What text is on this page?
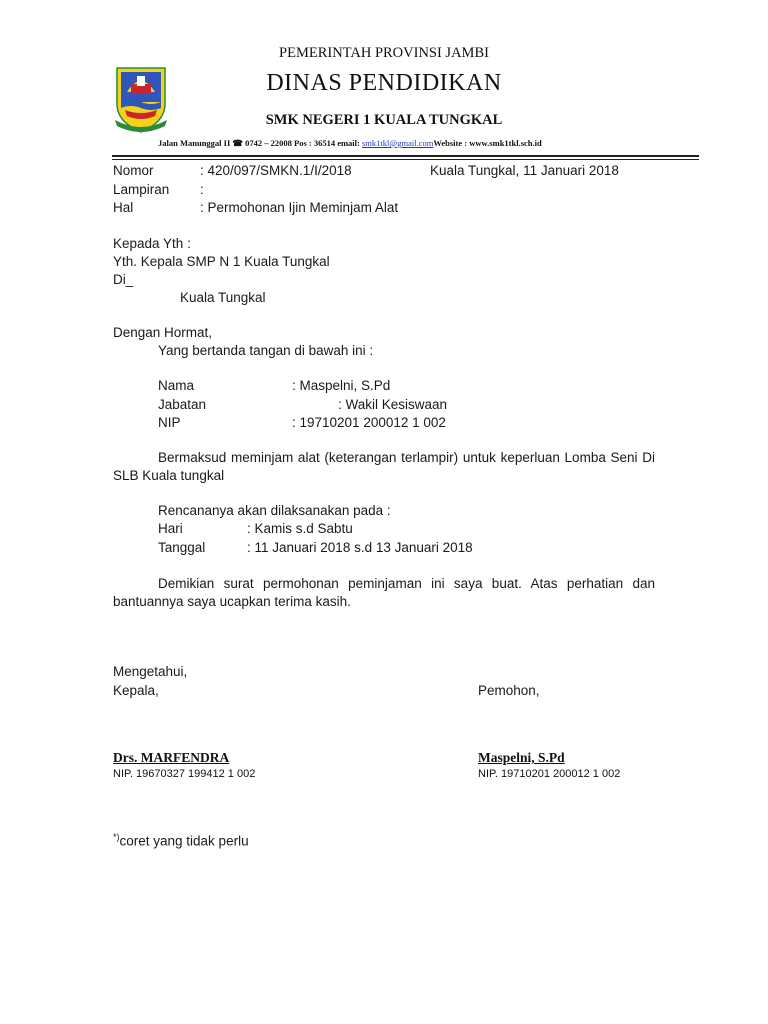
PEMERINTAH PROVINSI JAMBI
DINAS PENDIDIKAN
SMK NEGERI 1 KUALA TUNGKAL
Jalan Manunggal II ☎ 0742 – 22008 Pos : 36514 email: smk1tkl@gmail.comWebsite : www.smk1tkl.sch.id
Nomor	: 420/097/SMKN.1/I/2018	Kuala Tungkal, 11 Januari 2018
Lampiran :
Hal	: Permohonan Ijin Meminjam Alat
Kepada Yth :
Yth. Kepala SMP N 1 Kuala Tungkal
Di_
Kuala Tungkal
Dengan Hormat,
Yang bertanda tangan di bawah ini :
Nama	: Maspelni, S.Pd
Jabatan	: Wakil Kesiswaan
NIP	: 19710201 200012 1 002
Bermaksud meminjam alat (keterangan terlampir) untuk keperluan Lomba Seni Di SLB Kuala tungkal
Rencananya akan dilaksanakan pada :
Hari	: Kamis s.d Sabtu
Tanggal	: 11 Januari 2018 s.d 13 Januari 2018
Demikian surat permohonan peminjaman ini saya buat. Atas perhatian dan bantuannya saya ucapkan terima kasih.
Mengetahui,
Kepala,	Pemohon,
Drs. MARFENDRA
NIP. 19670327 199412 1 002
Maspelni, S.Pd
NIP. 19710201 200012 1 002
*)coret yang tidak perlu
